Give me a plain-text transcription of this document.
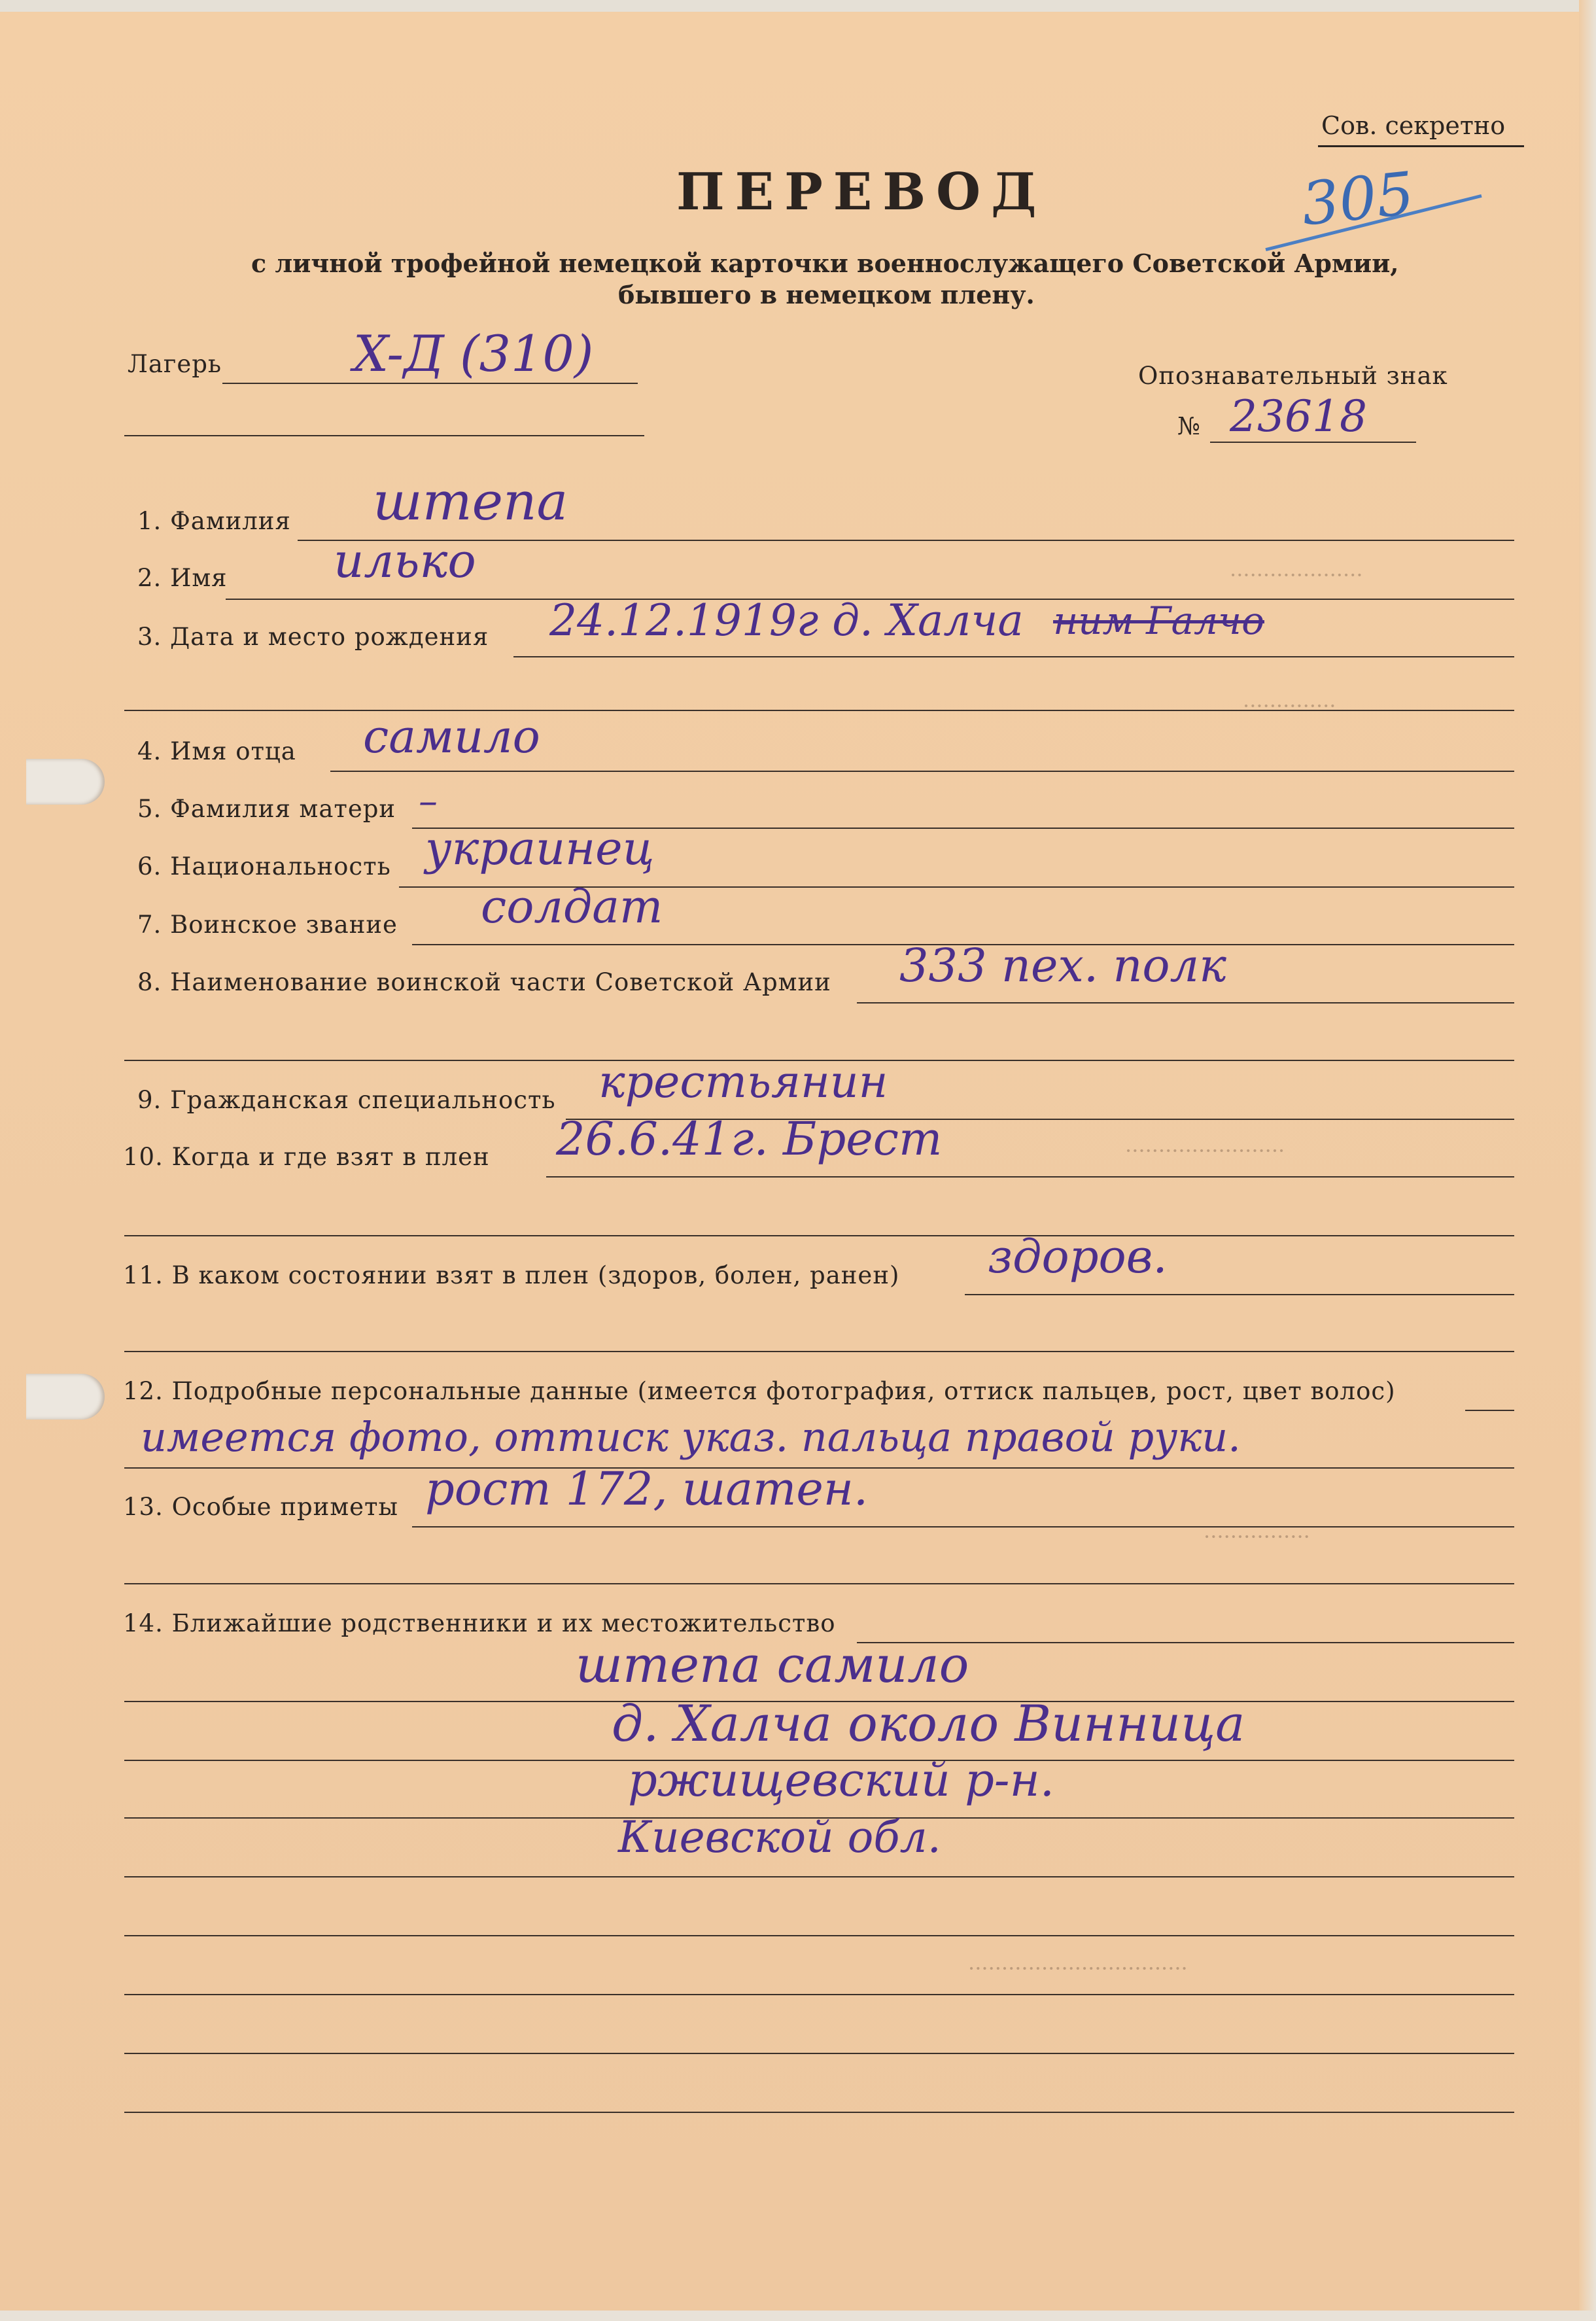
····················
··············
························
················
·································
Сов. секретно
305
ПЕРЕВОД
с личной трофейной немецкой карточки военнослужащего Советской Армии,
бывшего в немецком плену.
Лагерь	X-Д (310)	Опознавательный знак
№ 23618
1. Фамилия штепа
2. Имя илько
3. Дата и место рождения 24.12.1919г д. Халча ним Галчо
4. Имя отца самило
5. Фамилия матери –
6. Национальность украинец
7. Воинское звание солдат
8. Наименование воинской части Советской Армии 333 пех. полк
9. Гражданская специальность крестьянин
10. Когда и где взят в плен 26.6.41г. Брест
11. В каком состоянии взят в плен (здоров, болен, ранен) здоров.
12. Подробные персональные данные (имеется фотография, оттиск пальцев, рост, цвет волос)
имеется фото, оттиск указ. пальца правой руки.
13. Особые приметы рост 172, шатен.
14. Ближайшие родственники и их местожительство
штепа самило
д. Халча около Винница
ржищевский р-н.
Киевской обл.
